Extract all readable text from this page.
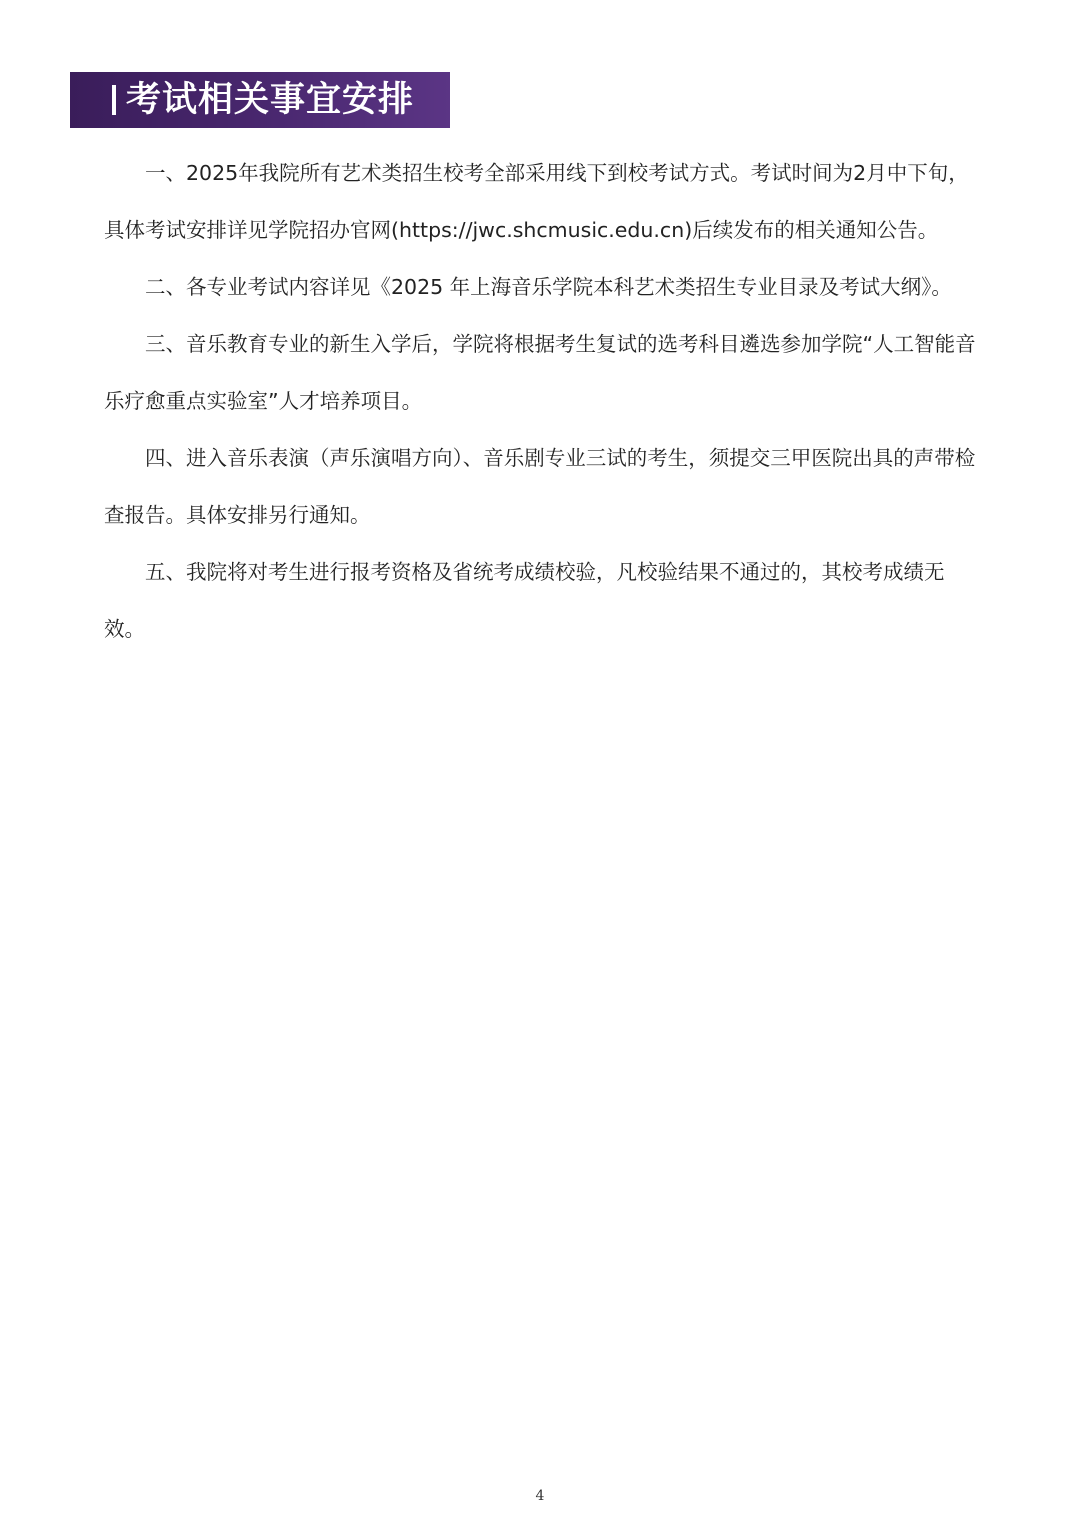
考试相关事宜安排

一、2025年我院所有艺术类招生校考全部采用线下到校考试方式。考试时间为2月中下旬，具体考试安排详见学院招办官网(https://jwc.shcmusic.edu.cn)后续发布的相关通知公告。

二、各专业考试内容详见《2025 年上海音乐学院本科艺术类招生专业目录及考试大纲》。

三、音乐教育专业的新生入学后，学院将根据考生复试的选考科目遴选参加学院“人工智能音乐疗愈重点实验室”人才培养项目。

四、进入音乐表演（声乐演唱方向）、音乐剧专业三试的考生，须提交三甲医院出具的声带检查报告。具体安排另行通知。

五、我院将对考生进行报考资格及省统考成绩校验，凡校验结果不通过的，其校考成绩无效。

4
